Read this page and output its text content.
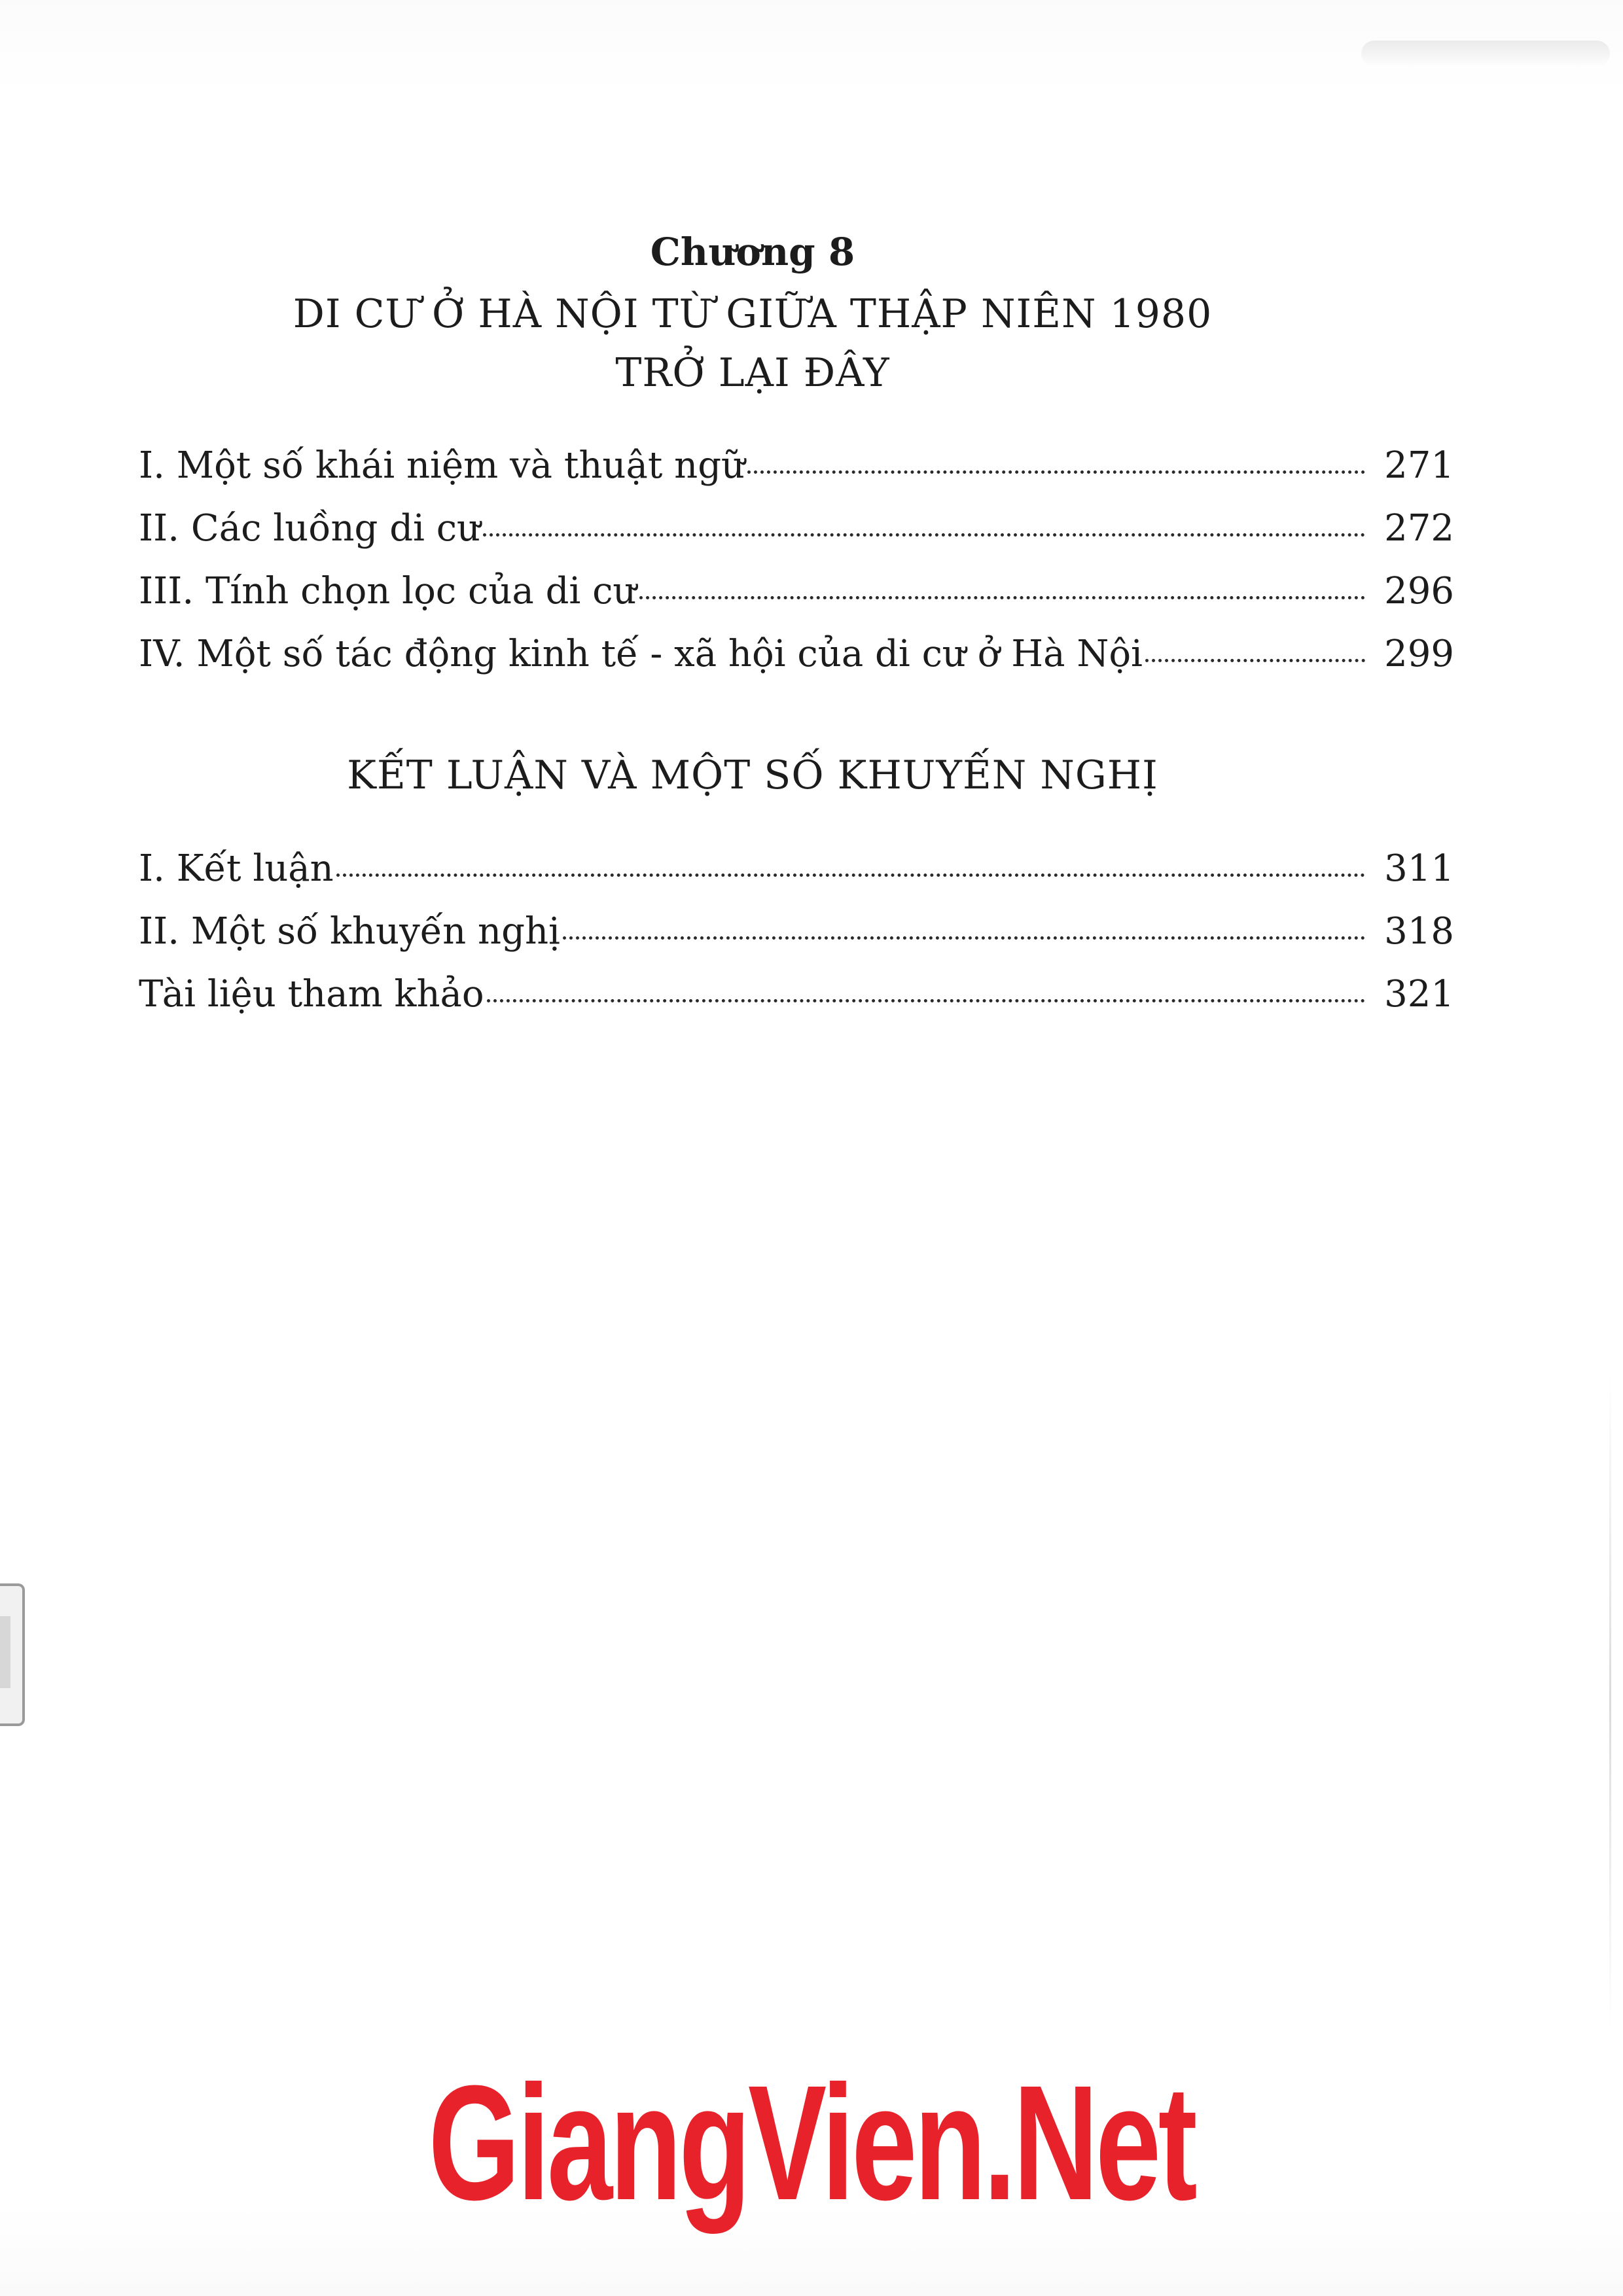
Chương 8
DI CƯ Ở HÀ NỘI TỪ GIỮA THẬP NIÊN 1980
TRỞ LẠI ĐÂY
I. Một số khái niệm và thuật ngữ	271
II. Các luồng di cư	272
III. Tính chọn lọc của di cư	296
IV. Một số tác động kinh tế - xã hội của di cư ở Hà Nội	299
KẾT LUẬN VÀ MỘT SỐ KHUYẾN NGHỊ
I. Kết luận	311
II. Một số khuyến nghị	318
Tài liệu tham khảo	321
GiangVien.Net
